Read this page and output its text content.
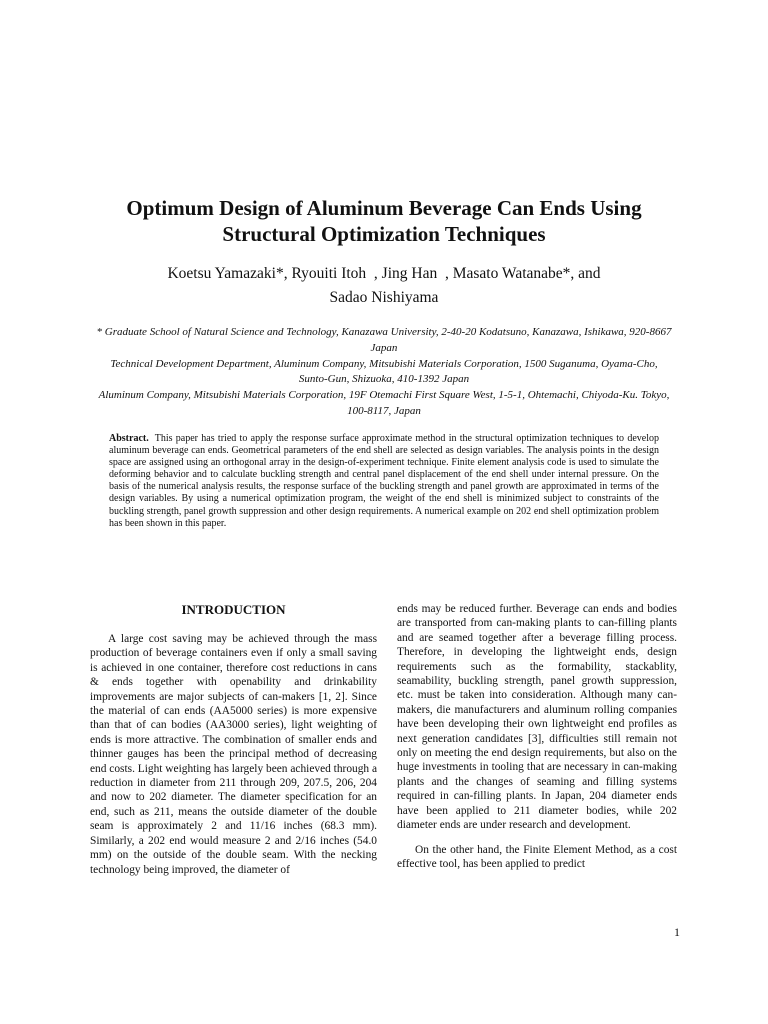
Optimum Design of Aluminum Beverage Can Ends Using Structural Optimization Techniques
Koetsu Yamazaki*, Ryouiti Itoh  , Jing Han  , Masato Watanabe*, and
Sadao Nishiyama
* Graduate School of Natural Science and Technology, Kanazawa University, 2-40-20 Kodatsuno, Kanazawa, Ishikawa, 920-8667 Japan
Technical Development Department, Aluminum Company, Mitsubishi Materials Corporation, 1500 Suganuma, Oyama-Cho, Sunto-Gun, Shizuoka, 410-1392 Japan
Aluminum Company, Mitsubishi Materials Corporation, 19F Otemachi First Square West, 1-5-1, Ohtemachi, Chiyoda-Ku. Tokyo, 100-8117, Japan
Abstract. This paper has tried to apply the response surface approximate method in the structural optimization techniques to develop aluminum beverage can ends. Geometrical parameters of the end shell are selected as design variables. The analysis points in the design space are assigned using an orthogonal array in the design-of-experiment technique. Finite element analysis code is used to simulate the deforming behavior and to calculate buckling strength and central panel displacement of the end shell under internal pressure. On the basis of the numerical analysis results, the response surface of the buckling strength and panel growth are approximated in terms of the design variables. By using a numerical optimization program, the weight of the end shell is minimized subject to constraints of the buckling strength, panel growth suppression and other design requirements. A numerical example on 202 end shell optimization problem has been shown in this paper.
INTRODUCTION

A large cost saving may be achieved through the mass production of beverage containers even if only a small saving is achieved in one container, therefore cost reductions in cans & ends together with openability and drinkability improvements are major subjects of can-makers [1, 2]. Since the material of can ends (AA5000 series) is more expensive than that of can bodies (AA3000 series), light weighting of ends is more attractive. The combination of smaller ends and thinner gauges has been the principal method of decreasing end costs. Light weighting has largely been achieved through a reduction in diameter from 211 through 209, 207.5, 206, 204 and now to 202 diameter. The diameter specification for an end, such as 211, means the outside diameter of the double seam is approximately 2 and 11/16 inches (68.3 mm). Similarly, a 202 end would measure 2 and 2/16 inches (54.0 mm) on the outside of the double seam. With the necking technology being improved, the diameter of

ends may be reduced further. Beverage can ends and bodies are transported from can-making plants to can-filling plants and are seamed together after a beverage filling process. Therefore, in developing the lightweight ends, design requirements such as the formability, stackablity, seamability, buckling strength, panel growth suppression, etc. must be taken into consideration. Although many can-makers, die manufacturers and aluminum rolling companies have been developing their own lightweight end profiles as next generation candidates [3], difficulties still remain not only on meeting the end design requirements, but also on the huge investments in tooling that are necessary in can-making plants and the changes of seaming and filling systems required in can-filling plants. In Japan, 204 diameter ends have been applied to 211 diameter bodies, while 202 diameter ends are under research and development.

On the other hand, the Finite Element Method, as a cost effective tool, has been applied to predict

1
